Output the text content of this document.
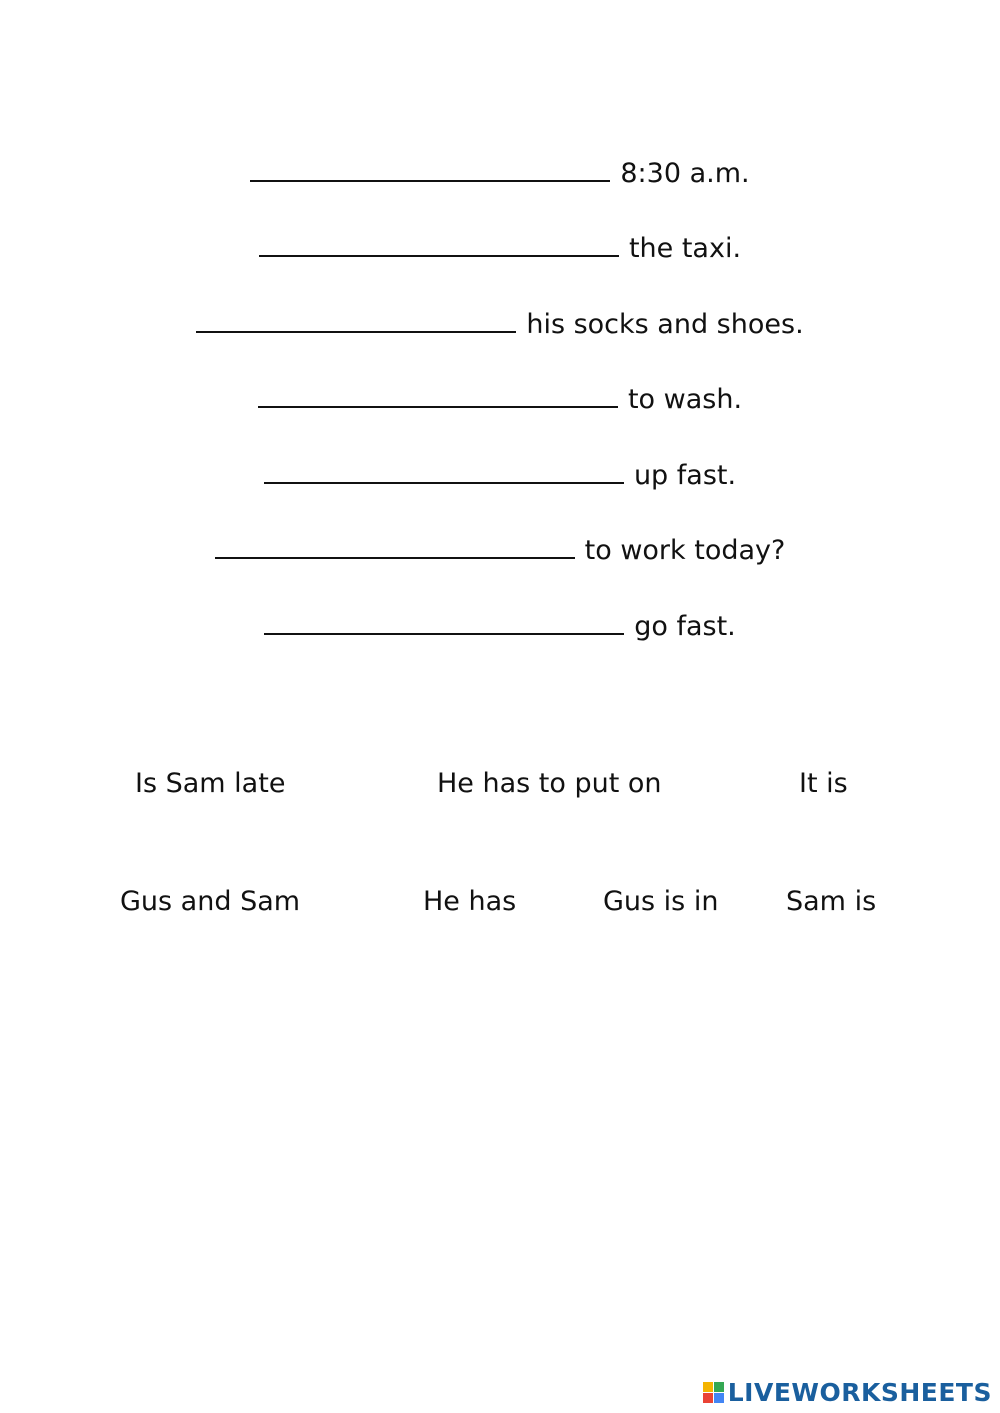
8:30 a.m.
the taxi.
his socks and shoes.
to wash.
up fast.
to work today?
go fast.
Is Sam late	He has to put on	It is
Gus and Sam	He has	Gus is in	Sam is
LIVEWORKSHEETS
